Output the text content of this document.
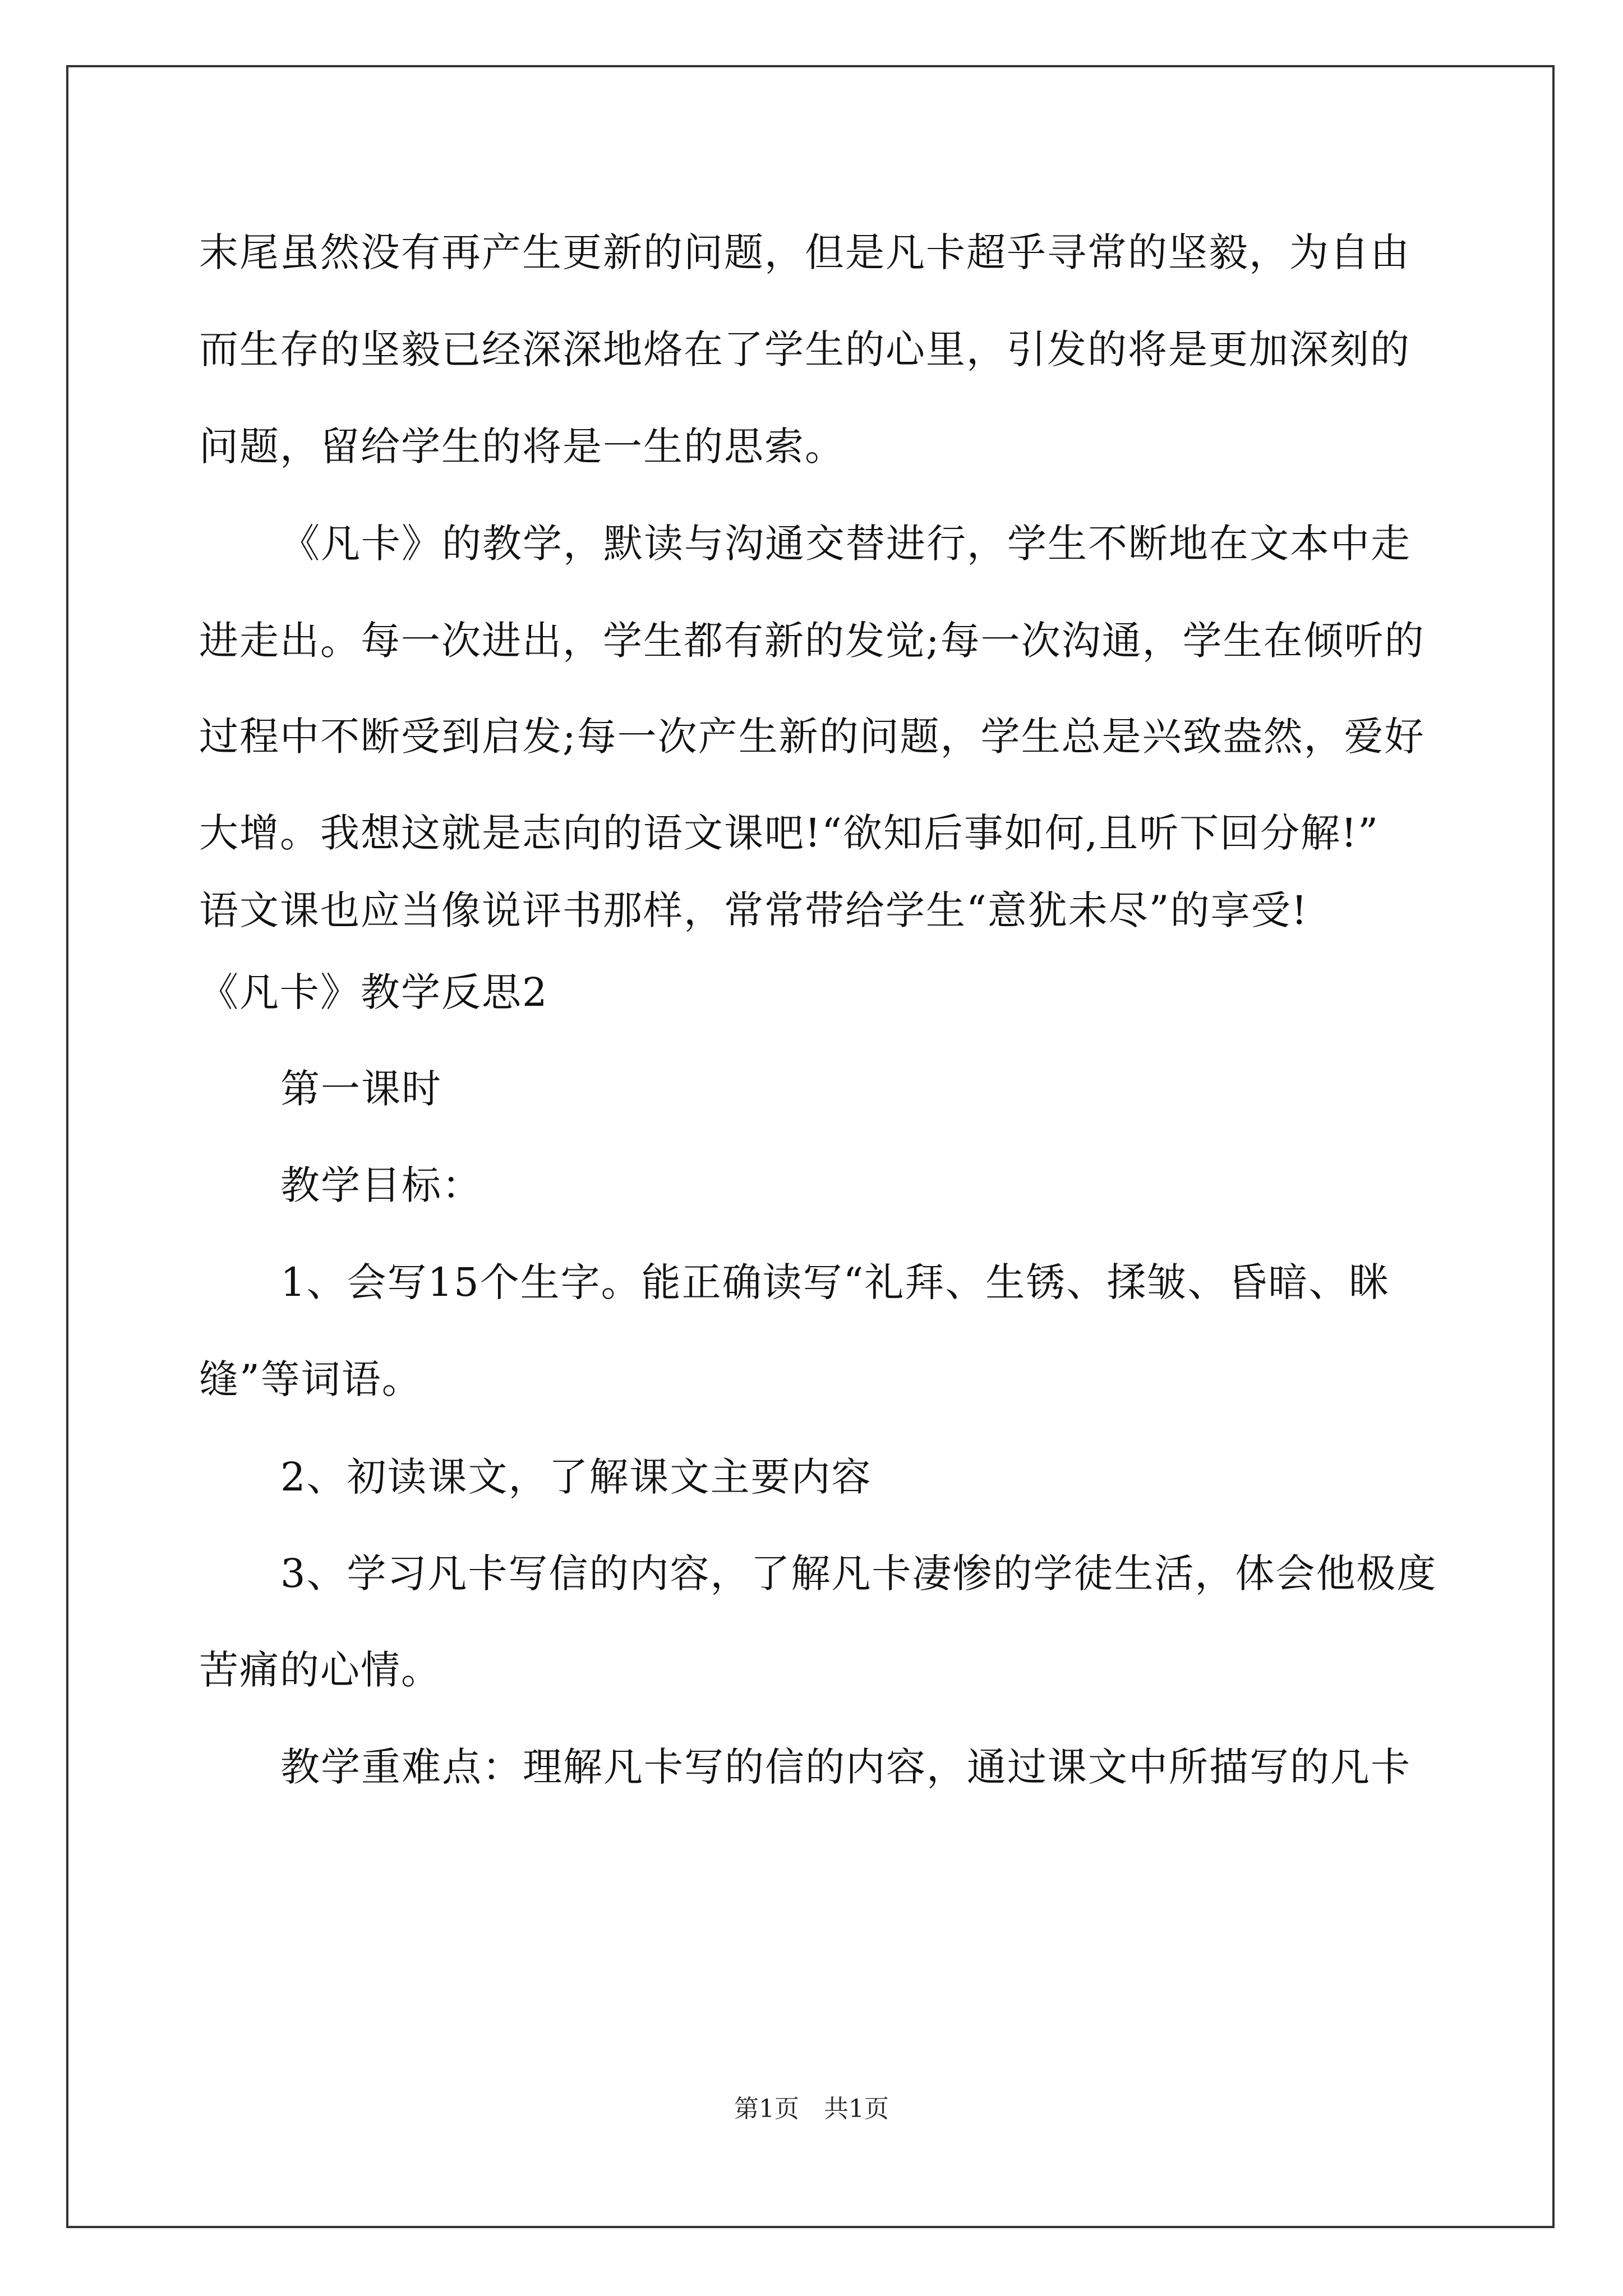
末尾虽然没有再产生更新的问题，但是凡卡超乎寻常的坚毅，为自由
而生存的坚毅已经深深地烙在了学生的心里，引发的将是更加深刻的
问题，留给学生的将是一生的思索。
《凡卡》的教学，默读与沟通交替进行，学生不断地在文本中走
进走出。每一次进出，学生都有新的发觉;每一次沟通，学生在倾听的
过程中不断受到启发;每一次产生新的问题，学生总是兴致盎然，爱好
大增。我想这就是志向的语文课吧!“欲知后事如何,且听下回分解!”
语文课也应当像说评书那样，常常带给学生“意犹未尽”的享受!
《凡卡》教学反思2
第一课时
教学目标：
1、会写15个生字。能正确读写“礼拜、生锈、揉皱、昏暗、眯
缝”等词语。
2、初读课文，了解课文主要内容
3、学习凡卡写信的内容，了解凡卡凄惨的学徒生活，体会他极度
苦痛的心情。
教学重难点：理解凡卡写的信的内容，通过课文中所描写的凡卡
第1页　共1页
